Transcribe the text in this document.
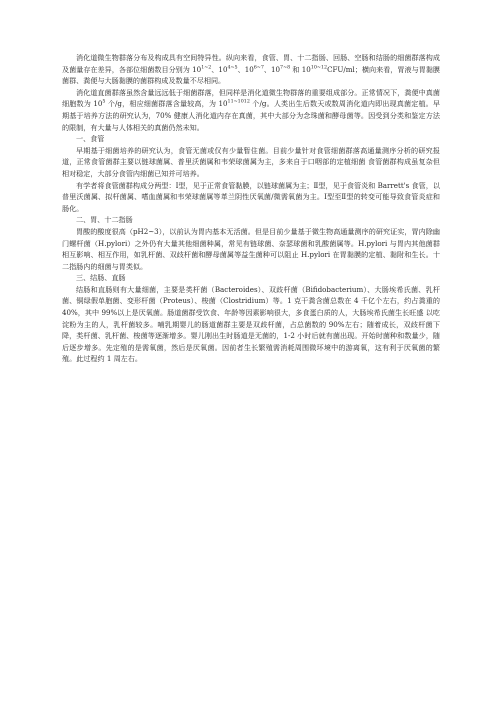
消化道微生物群落分布及构成具有空间特异性。纵向来看，食管、胃、十二指肠、回肠、空肠和结肠的细菌群落构成及菌量存在差异，各部位细菌数目分别为 $10^{1\sim 2}$、$10^{4\sim 5}$、$10^{6\sim 7}$、$10^{7\sim 8}$ 和 $10^{10\sim 12}CFU/ml$；横向来看，胃液与胃黏膜菌群、粪便与大肠黏膜的菌群构成及数量不尽相同。

消化道直菌群落虽然含量远远低于细菌群落，但同样是消化道微生物群落的重要组成部分。正常情况下，粪便中真菌细胞数为 $10^5$ 个/g，相应细菌群落含量较高，为 $10^{11\sim 1012}$ 个/g。人类出生后数天或数周消化道内即出现真菌定植。早期基于培养方法的研究认为，70% 健康人消化道内存在真菌，其中大部分为念珠菌和酵母菌等。因受到分类和鉴定方法的限制，有大量与人体相关的真菌仍然未知。

一、食管

早期基于细菌培养的研究认为，食管无菌或仅有少量暂住菌。目前少量针对食管细菌群落高通量测序分析的研究报道，正常食管菌群主要以链球菌属、普里沃菌属和韦荣球菌属为主，多来自于口咽部的定植细菌 食管菌群构成虽复杂但相对稳定，大部分食管内细菌已知并可培养。

有学者将食管菌群构成分两型：Ⅰ型，见于正常食管黏膜，以链球菌属为主；Ⅱ型，见于食管炎和 Barrett's 食管，以普里沃菌属、拟杆菌属、嗜血菌属和韦荣球菌属等革兰阴性厌氧菌/微需氧菌为主。Ⅰ型至Ⅱ型的转变可能导致食管炎症和肠化。

二、胃、十二指肠

胃酸的酸度很高（pH2~3），以前认为胃内基本无活菌。但是目前少量基于微生物高通量测序的研究证实，胃内除幽门螺杆菌（H.pylori）之外仍有大量其他细菌种属，常见有链球菌、奈瑟球菌和乳酸菌属等。H.pylori 与胃内其他菌群相互影响、相互作用，如乳杆菌、双歧杆菌和酵母菌属等益生菌种可以阻止 H.pylori 在胃黏膜的定植、黏附和生长。十二指肠内的细菌与胃类似。

三、结肠、直肠

结肠和直肠则有大量细菌，主要是类杆菌（Bacteroides）、双歧杆菌（Bifidobacterium）、大肠埃希氏菌、乳杆菌、铜绿假单胞菌、变形杆菌（Proteus）、梭菌（Clostridium）等。1 克干粪含菌总数在 4 千亿个左右，约占粪重的 40%，其中 99%以上是厌氧菌。肠道菌群受饮食、年龄等因素影响很大，多食蛋白质的人，大肠埃希氏菌生长旺盛 以吃淀粉为主的人，乳杆菌较多。哺乳期婴儿的肠道菌群主要是双歧杆菌，占总菌数的 90%左右；随着成长，双歧杆菌下降，类杆菌、乳杆菌、梭菌等逐渐增多。婴儿刚出生时肠道是无菌的，1-2 小时后就有菌出现。开始时菌种和数量少，随后逐步增多。先定殖的是需氧菌，然后是厌氧菌。因前者生长繁殖需消耗周围微环境中的游离氧，这有利于厌氧菌的繁殖。此过程约 1 周左右。
